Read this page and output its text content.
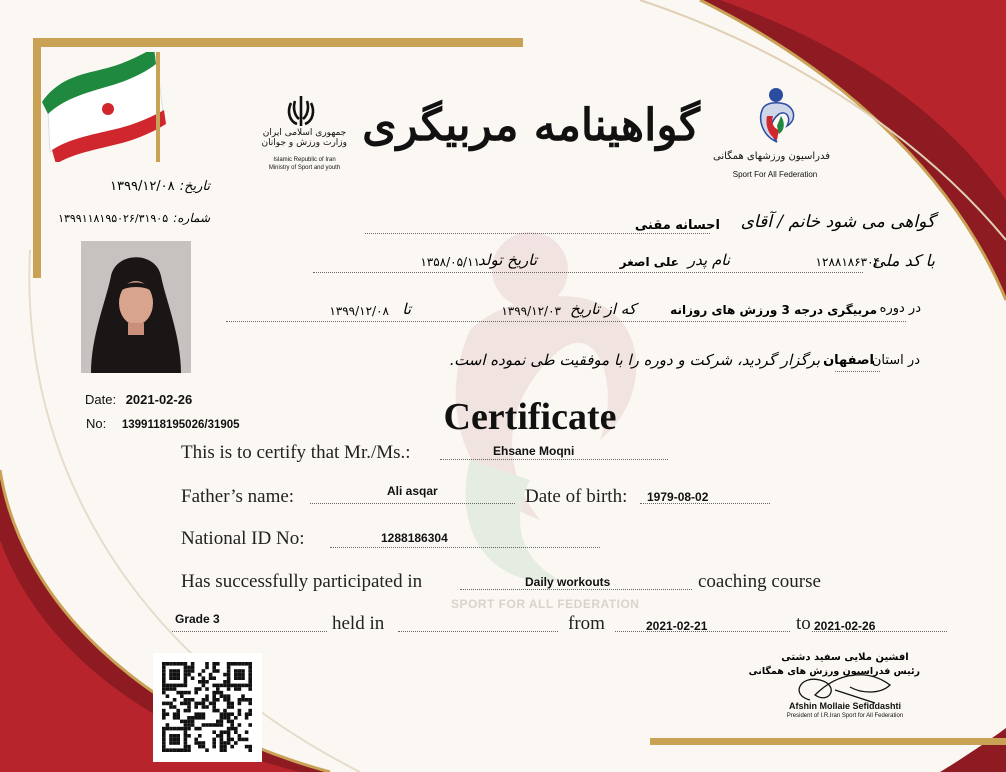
جمهوری اسلامی ایران
وزارت ورزش و جوانان
Islamic Republic of Iran
Ministry of Sport and youth
گواهینامه مربیگری
فدراسیون ورزشهای همگانی
Sport For All Federation
تاریخ: ۱۳۹۹/۱۲/۰۸
شماره: ۱۳۹۹۱۱۸۱۹۵۰۲۶/۳۱۹۰۵
Date: 2021-02-26
No: 1399118195026/31905
گواهی می شود خانم / آقای
احسانه مقنی
با کد ملی
۱۲۸۸۱۸۶۳۰۴
نام پدر
علی اصغر
تاریخ تولد
۱۳۵۸/۰۵/۱۱
در دوره
مربیگری درجه 3 ورزش های روزانه
که از تاریخ
۱۳۹۹/۱۲/۰۳
تا
۱۳۹۹/۱۲/۰۸
در استان
اصفهان
برگزار گردید، شرکت و دوره را با موفقیت طی نموده است.
Certificate
This is to certify that Mr./Ms.:	Ehsane Moqni
Father’s name:	Ali asqar	Date of birth: 1979-08-02
National ID No:	1288186304
Has successfully participated in	Daily workouts	coaching course
SPORT FOR ALL FEDERATION
Grade 3	held in	from	2021-02-21	to 2021-02-26
افشین ملایی سفید دشتی
رئیس فدراسیون ورزش های همگانی
Afshin Mollaie Sefiddashti
President of I.R.Iran Sport for All Federation
